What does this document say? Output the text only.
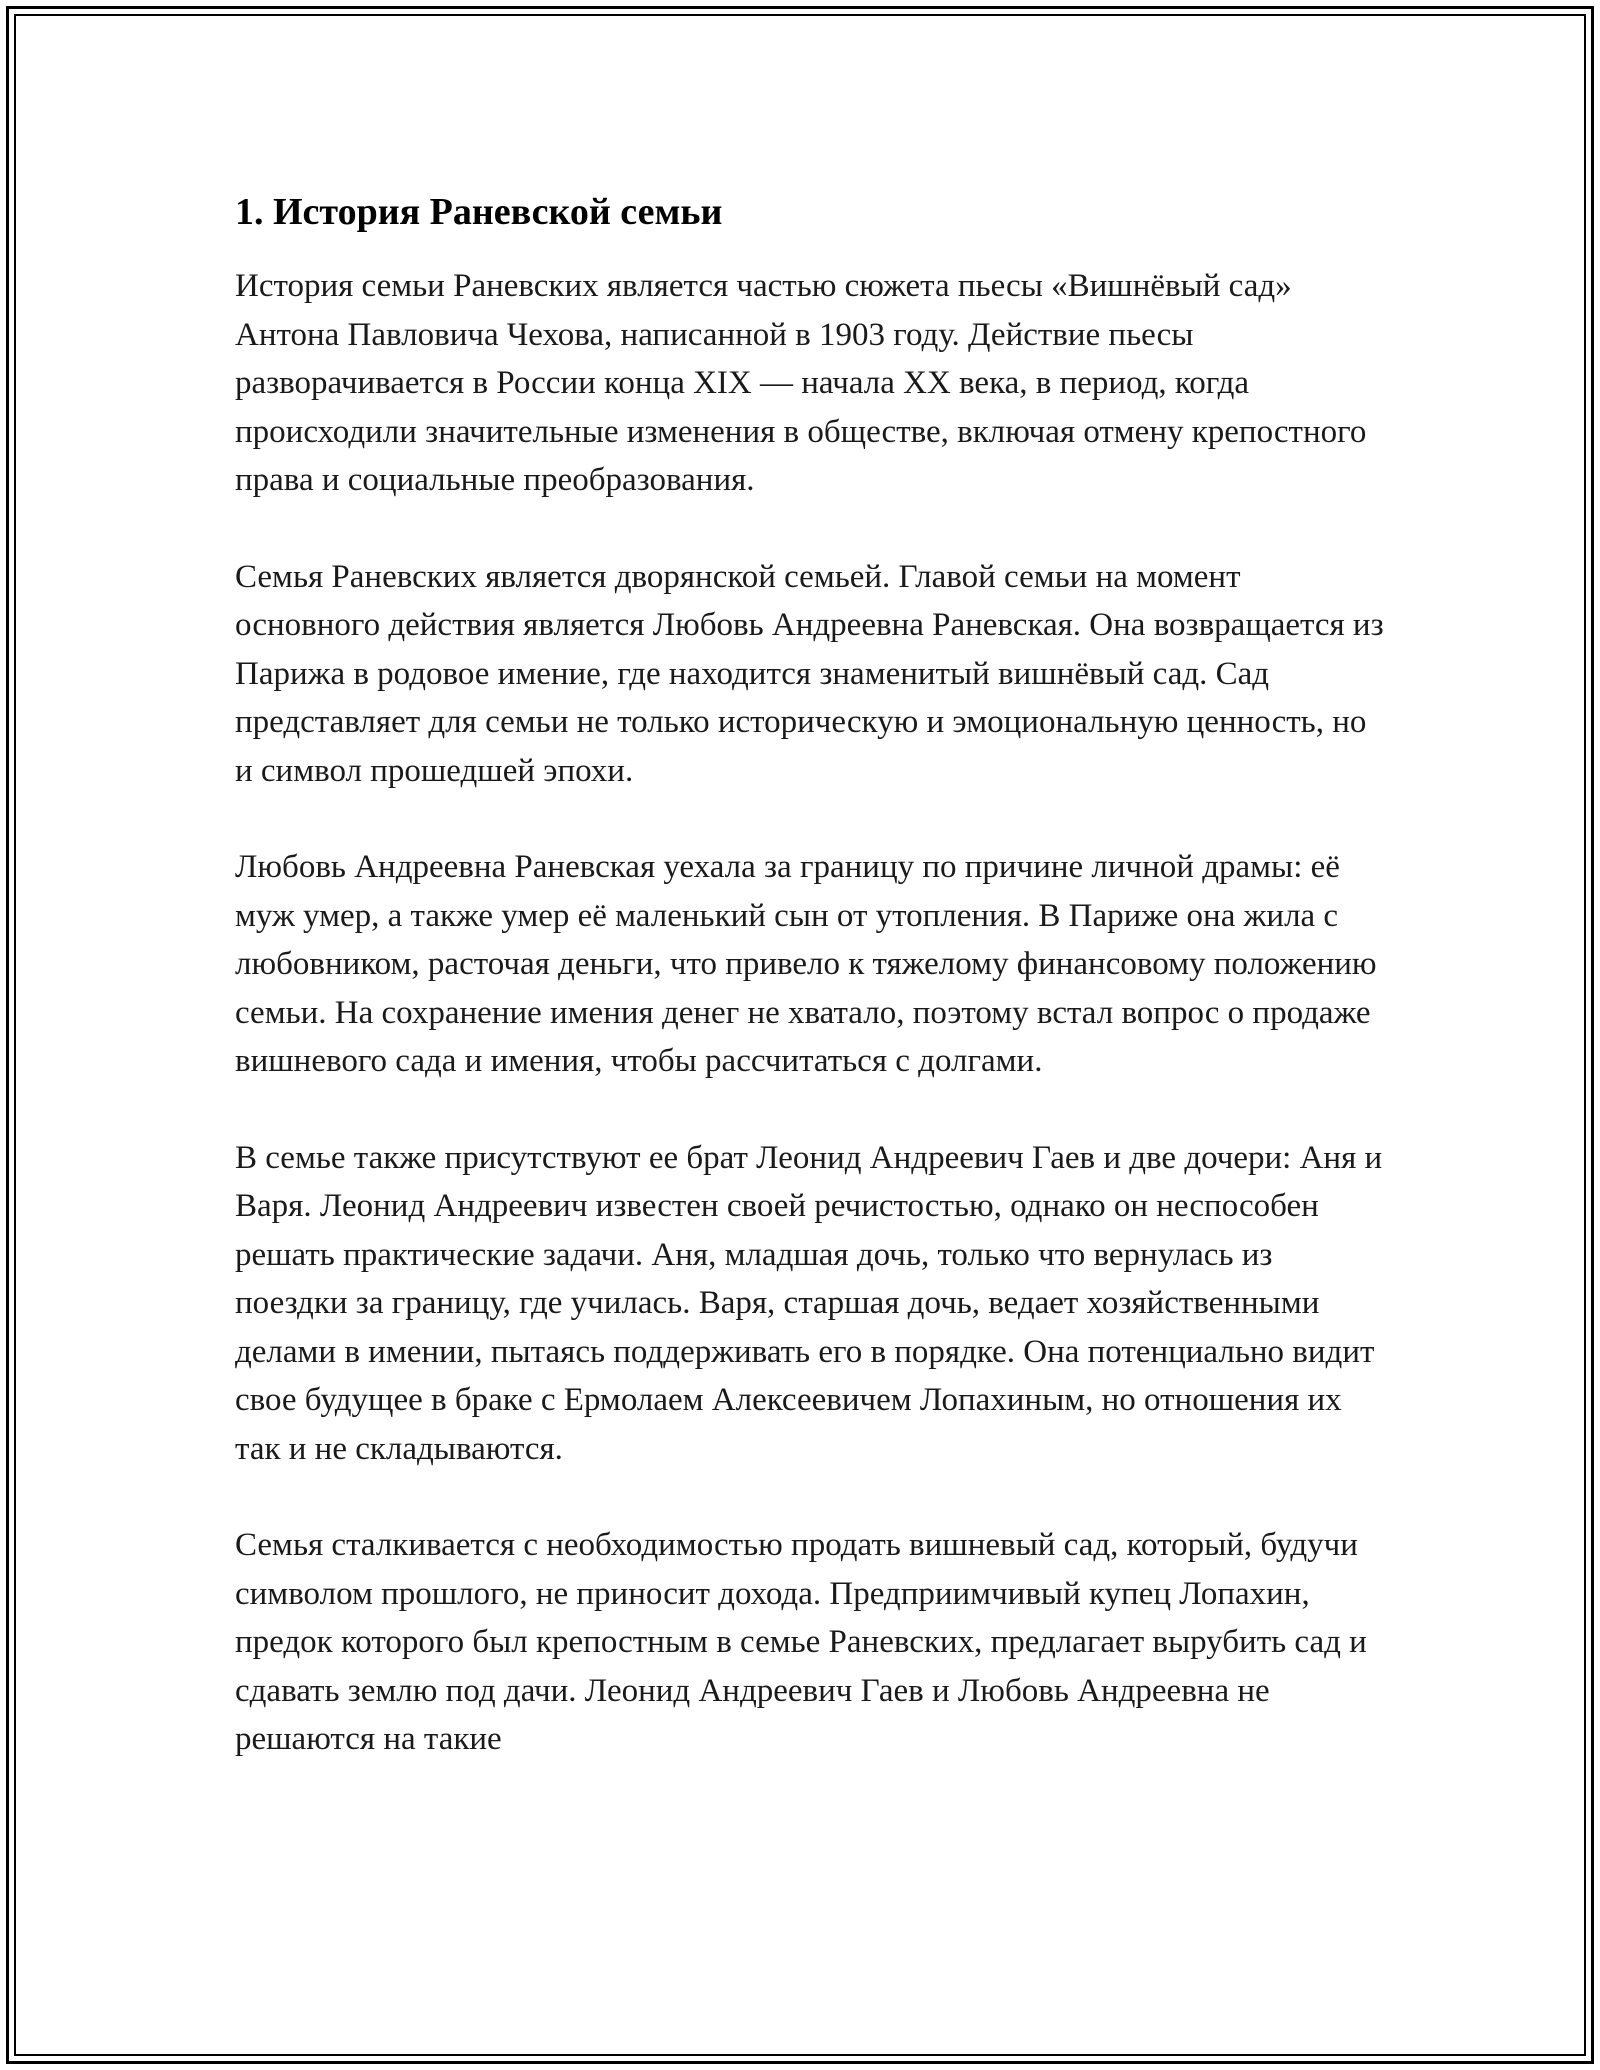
1. История Раневской семьи

История семьи Раневских является частью сюжета пьесы «Вишнёвый сад» Антона Павловича Чехова, написанной в 1903 году. Действие пьесы разворачивается в России конца XIX — начала XX века, в период, когда происходили значительные изменения в обществе, включая отмену крепостного права и социальные преобразования.

Семья Раневских является дворянской семьей. Главой семьи на момент основного действия является Любовь Андреевна Раневская. Она возвращается из Парижа в родовое имение, где находится знаменитый вишнёвый сад. Сад представляет для семьи не только историческую и эмоциональную ценность, но и символ прошедшей эпохи.

Любовь Андреевна Раневская уехала за границу по причине личной драмы: её муж умер, а также умер её маленький сын от утопления. В Париже она жила с любовником, расточая деньги, что привело к тяжелому финансовому положению семьи. На сохранение имения денег не хватало, поэтому встал вопрос о продаже вишневого сада и имения, чтобы рассчитаться с долгами.

В семье также присутствуют ее брат Леонид Андреевич Гаев и две дочери: Аня и Варя. Леонид Андреевич известен своей речистостью, однако он неспособен решать практические задачи. Аня, младшая дочь, только что вернулась из поездки за границу, где училась. Варя, старшая дочь, ведает хозяйственными делами в имении, пытаясь поддерживать его в порядке. Она потенциально видит свое будущее в браке с Ермолаем Алексеевичем Лопахиным, но отношения их так и не складываются.

Семья сталкивается с необходимостью продать вишневый сад, который, будучи символом прошлого, не приносит дохода. Предприимчивый купец Лопахин, предок которого был крепостным в семье Раневских, предлагает вырубить сад и сдавать землю под дачи. Леонид Андреевич Гаев и Любовь Андреевна не решаются на такие
